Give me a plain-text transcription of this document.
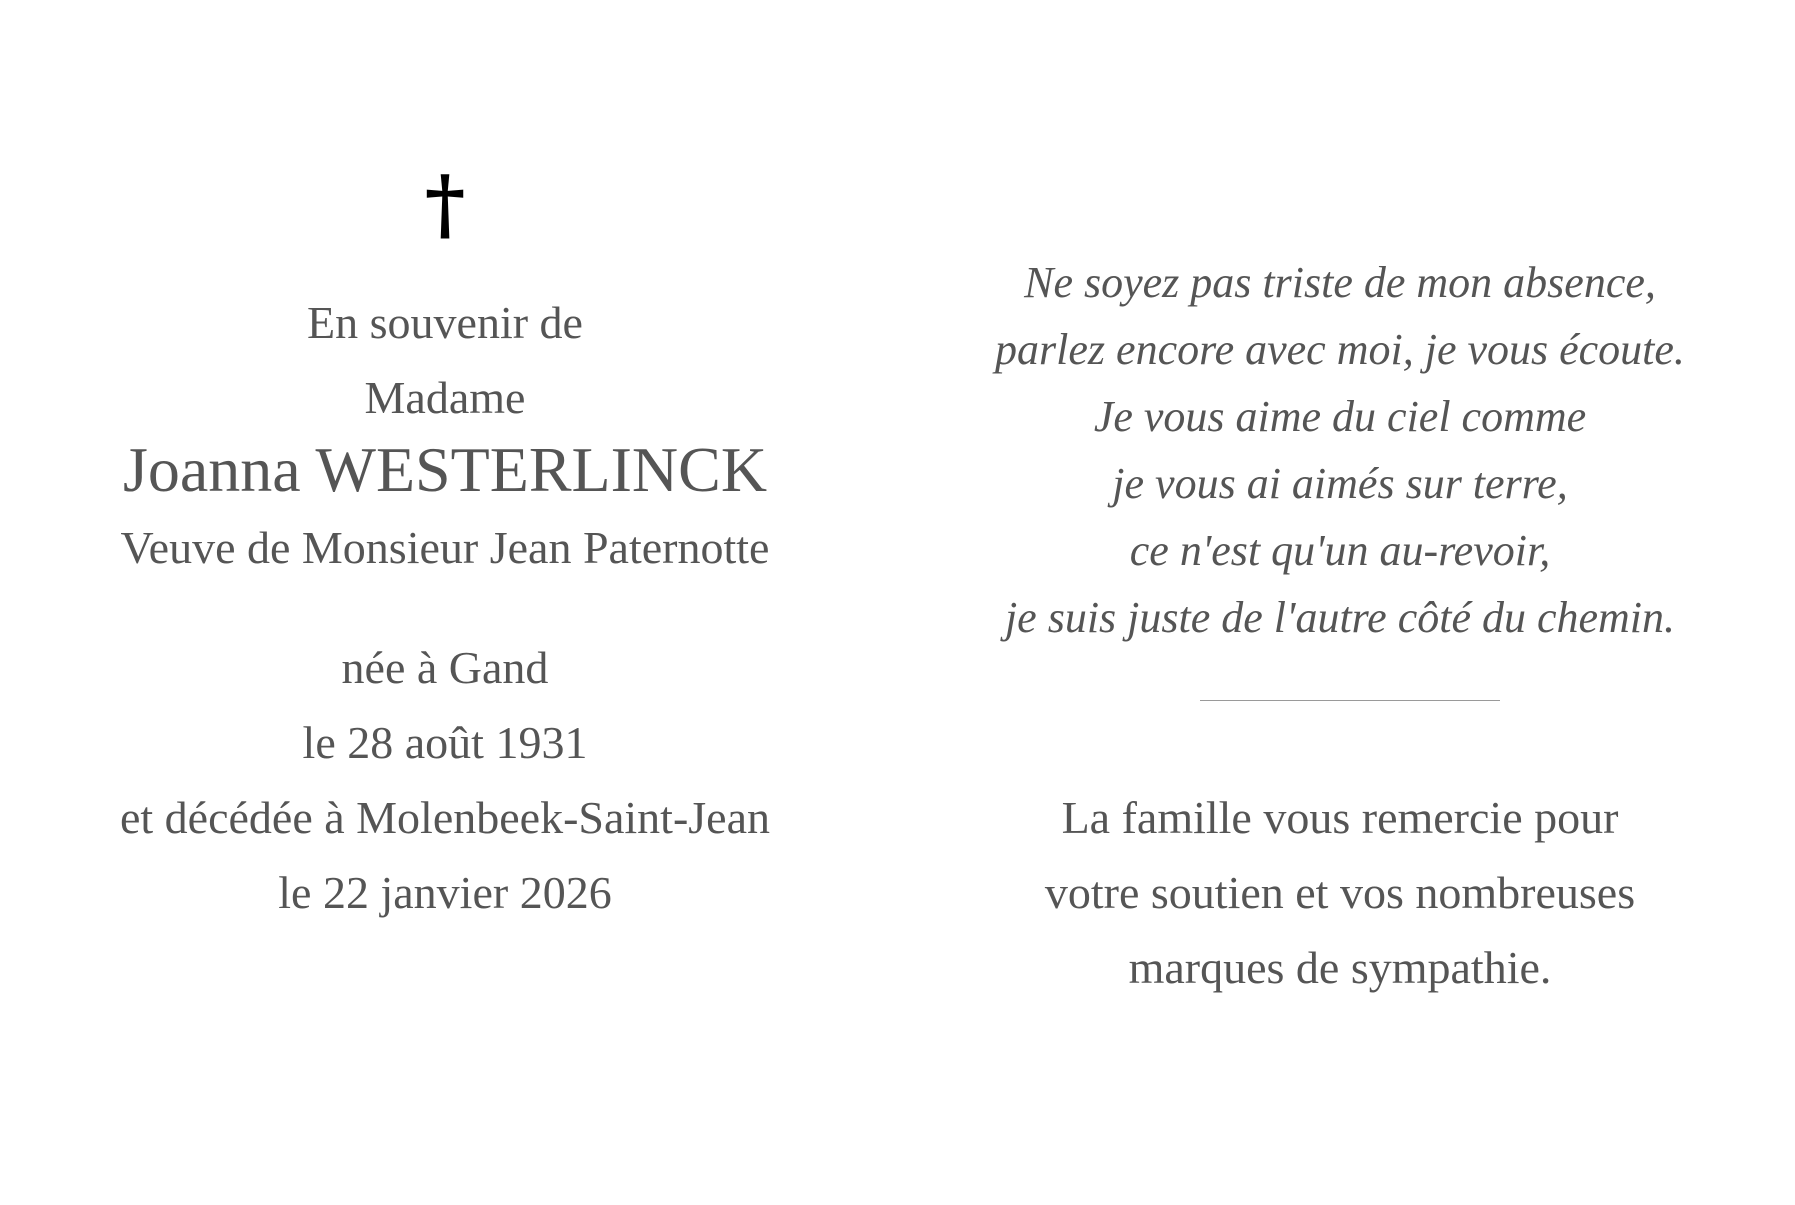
†
En souvenir de
Madame
Joanna WESTERLINCK
Veuve de Monsieur Jean Paternotte
née à Gand
le 28 août 1931
et décédée à Molenbeek-Saint-Jean
le 22 janvier 2026
Ne soyez pas triste de mon absence,
parlez encore avec moi, je vous écoute.
Je vous aime du ciel comme
je vous ai aimés sur terre,
ce n'est qu'un au-revoir,
je suis juste de l'autre côté du chemin.
La famille vous remercie pour
votre soutien et vos nombreuses
marques de sympathie.
